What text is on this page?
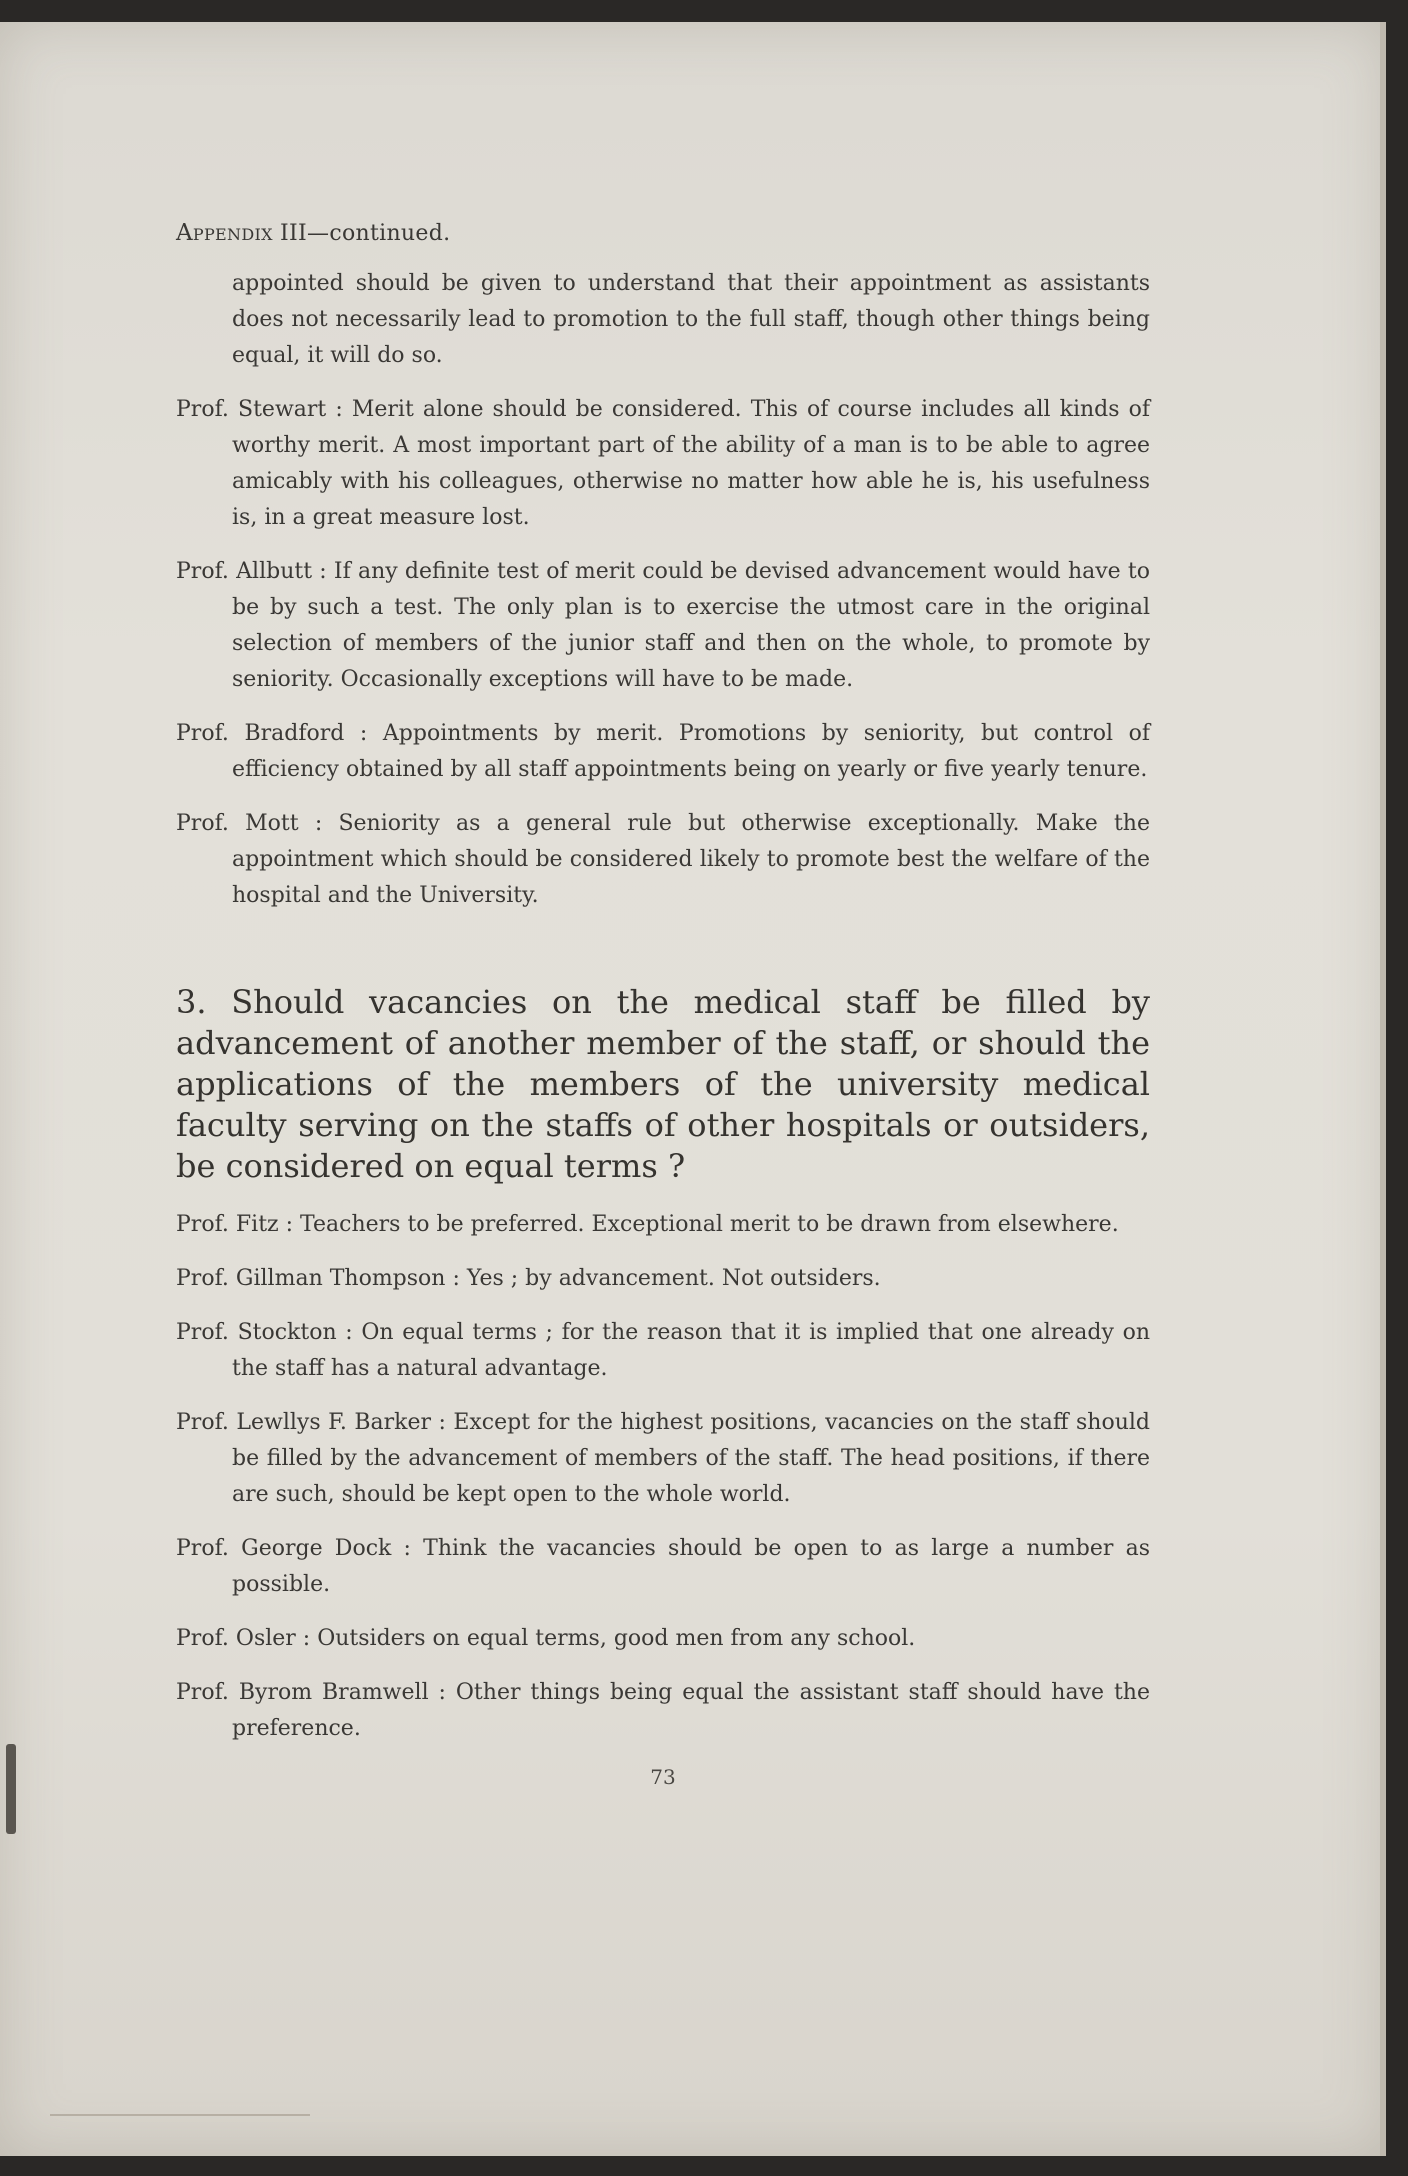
Appendix III—continued.

appointed should be given to understand that their appointment as assistants does not necessarily lead to promotion to the full staff, though other things being equal, it will do so.

Prof. Stewart : Merit alone should be considered. This of course includes all kinds of worthy merit. A most important part of the ability of a man is to be able to agree amicably with his colleagues, otherwise no matter how able he is, his usefulness is, in a great measure lost.

Prof. Allbutt : If any definite test of merit could be devised advancement would have to be by such a test. The only plan is to exercise the utmost care in the original selection of members of the junior staff and then on the whole, to promote by seniority. Occasionally exceptions will have to be made.

Prof. Bradford : Appointments by merit. Promotions by seniority, but control of efficiency obtained by all staff appointments being on yearly or five yearly tenure.

Prof. Mott : Seniority as a general rule but otherwise exceptionally. Make the appointment which should be considered likely to promote best the welfare of the hospital and the University.

3. Should vacancies on the medical staff be filled by advancement of another member of the staff, or should the applications of the members of the university medical faculty serving on the staffs of other hospitals or outsiders, be considered on equal terms ?

Prof. Fitz : Teachers to be preferred. Exceptional merit to be drawn from elsewhere.

Prof. Gillman Thompson : Yes ; by advancement. Not outsiders.

Prof. Stockton : On equal terms ; for the reason that it is implied that one already on the staff has a natural advantage.

Prof. Lewllys F. Barker : Except for the highest positions, vacancies on the staff should be filled by the advancement of members of the staff. The head positions, if there are such, should be kept open to the whole world.

Prof. George Dock : Think the vacancies should be open to as large a number as possible.

Prof. Osler : Outsiders on equal terms, good men from any school.

Prof. Byrom Bramwell : Other things being equal the assistant staff should have the preference.

73
